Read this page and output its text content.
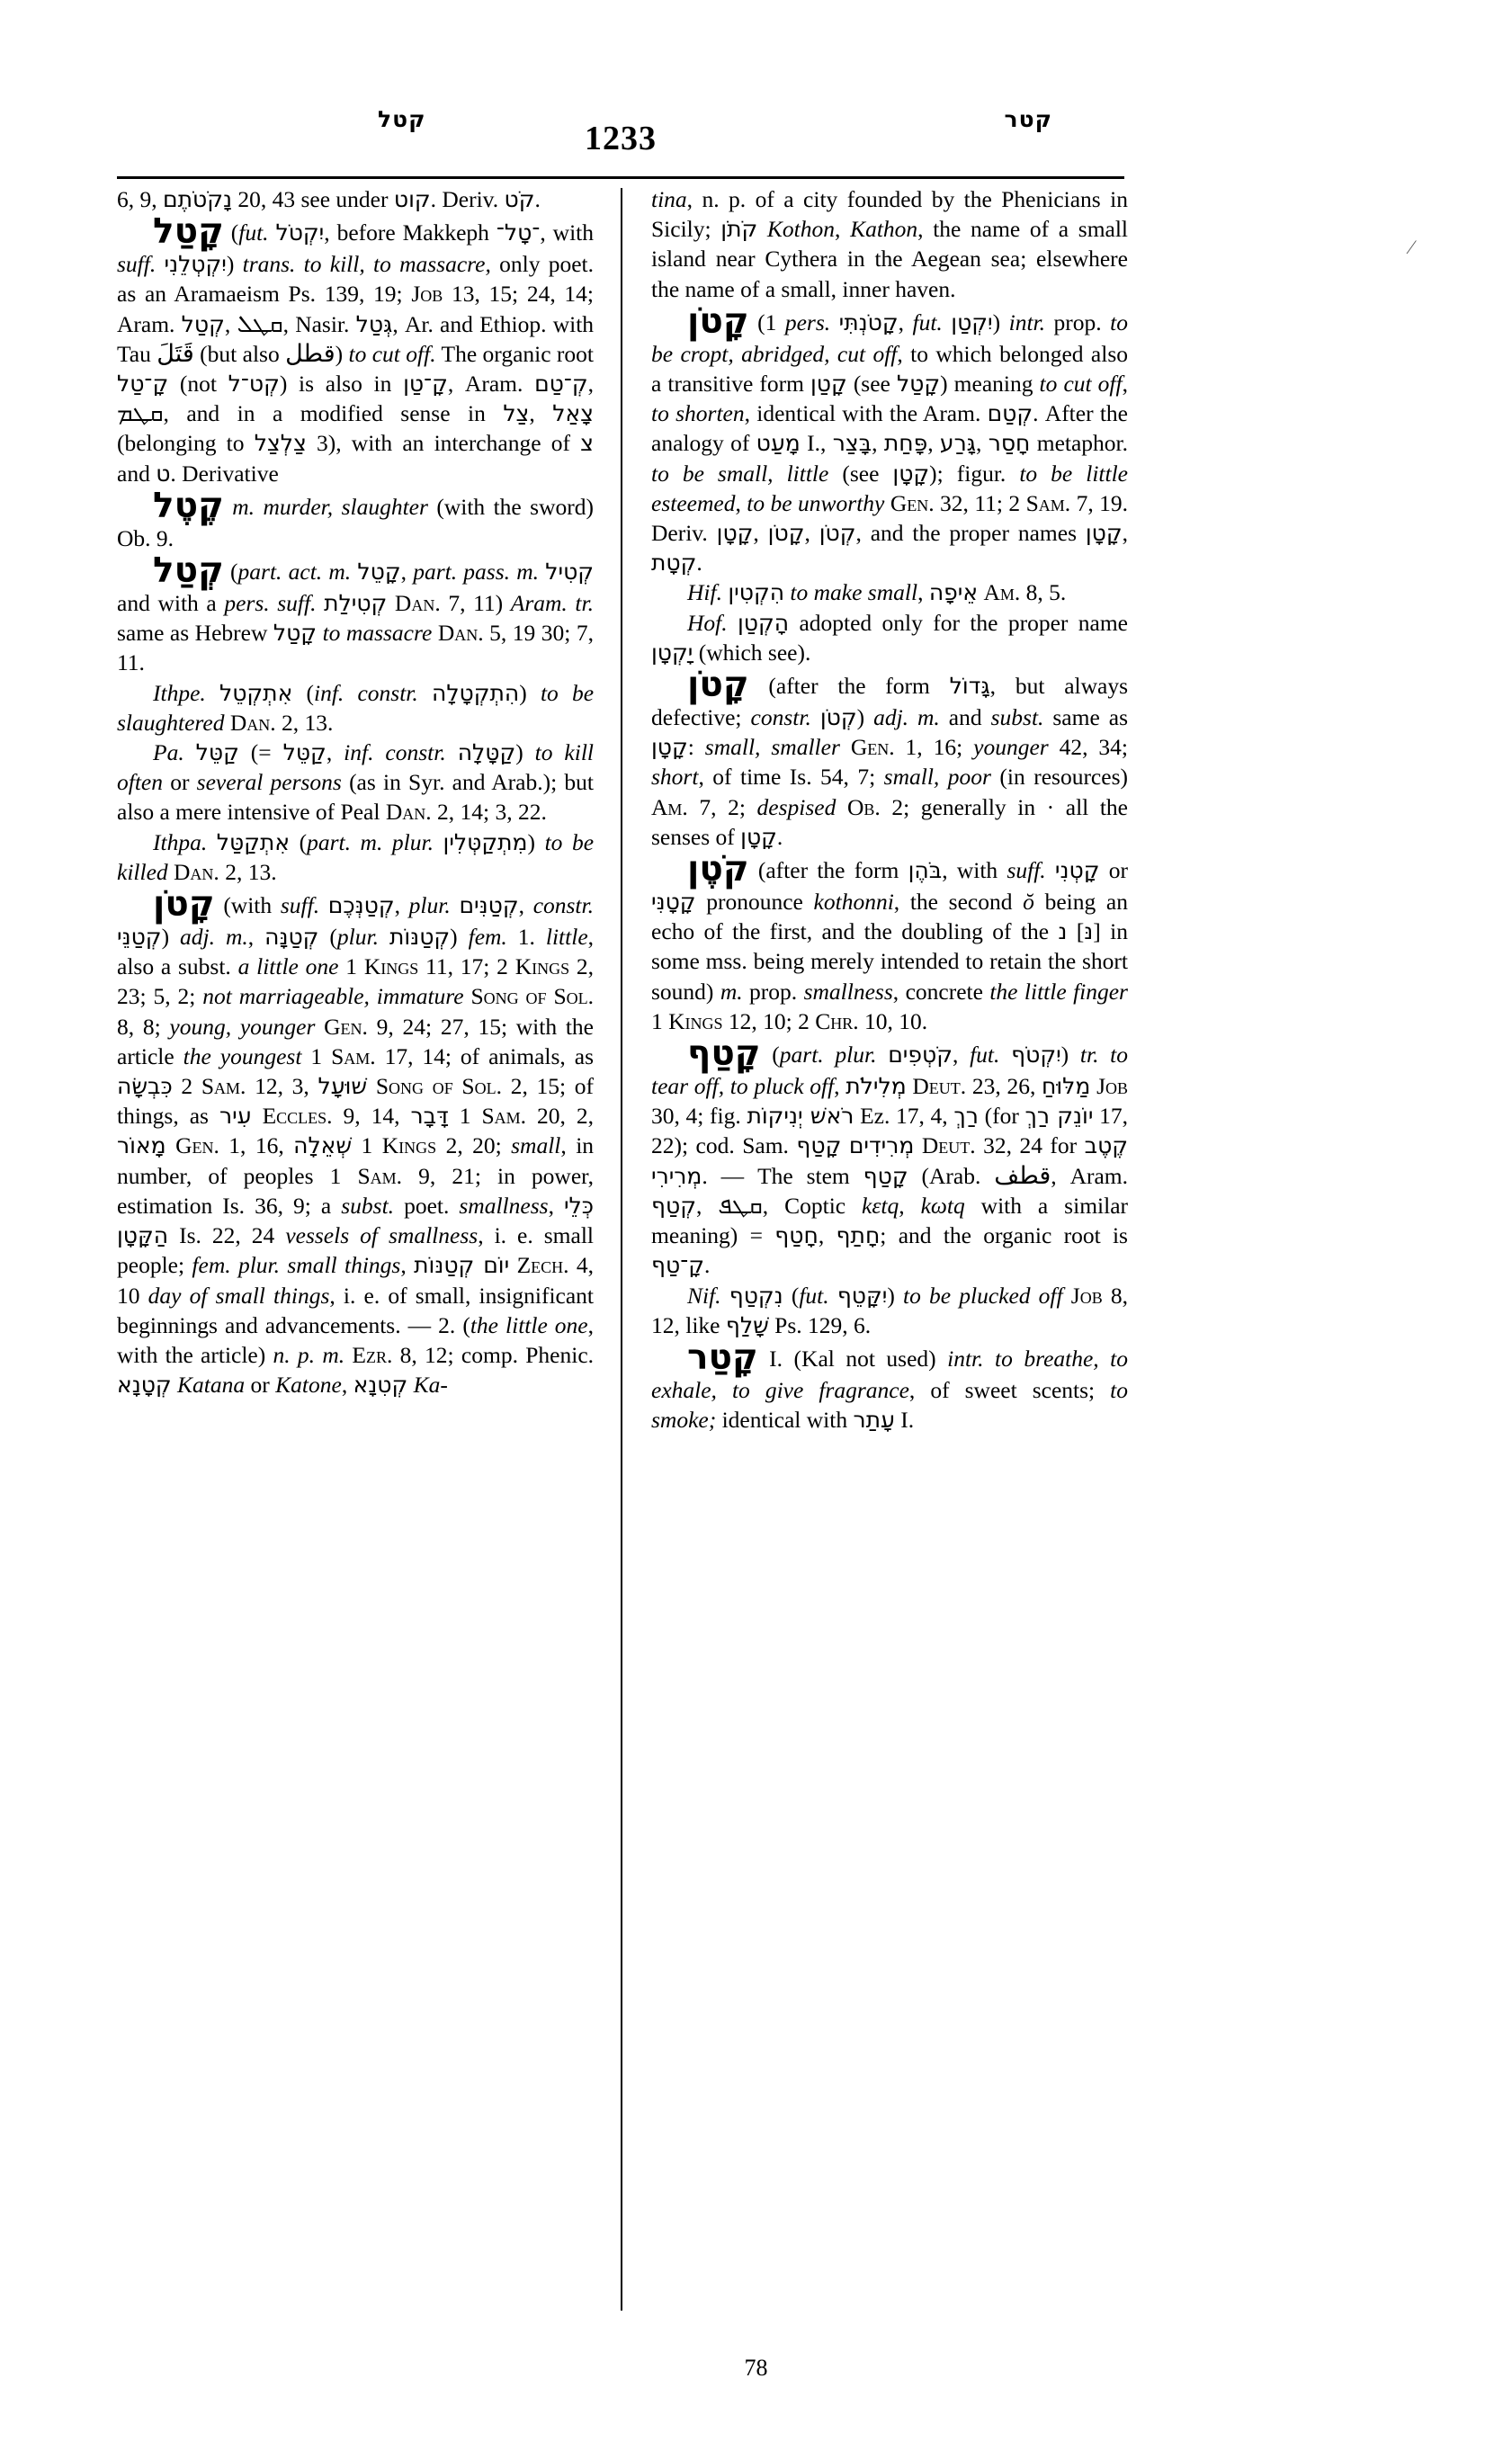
קטל
1233
קטר
⁄

6, 9, נָקֹטֹתֶם 20, 43 see under קוט. Deriv. קֹט.

קָטַל (fut. יִקְטֹל, before Makkeph ־טָל־, with suff. יִקְטְלֵנִי) trans. to kill, to massacre, only poet. as an Aramaeism Ps. 139, 19; Job 13, 15; 24, 14; Aram. קְטַל, ܩܛܠ, Nasir. גְּטַל, Ar. and Ethiop. with Tau قَتَلَ (but also قطل) to cut off. The organic root קָ־טַל (not קְט־ל) is also in קָ־טַן, Aram. קְ־טַם, ܩܛܡ, and in a modified sense in צַל, צָאַל (belonging to צַלְצַל 3), with an interchange of צ and ט. Derivative

קֶטֶל m. murder, slaughter (with the sword) Ob. 9.

קְטַל (part. act. m. קָטֵל, part. pass. m. קְטִיל and with a pers. suff. קְטִילַת Dan. 7, 11) Aram. tr. same as Hebrew קָטַל to massacre Dan. 5, 19 30; 7, 11.

Ithpe. אִתְקְטֵל (inf. constr. הִתְקְטָלָה) to be slaughtered Dan. 2, 13.

Pa. קַטֵּל (= קַטֵּל, inf. constr. קַטָּלָה) to kill often or several persons (as in Syr. and Arab.); but also a mere intensive of Peal Dan. 2, 14; 3, 22.

Ithpa. אִתְקַטַּל (part. m. plur. מִתְקַטְּלִין) to be killed Dan. 2, 13.

קָטֹן (with suff. קְטַנְּכֶם, plur. קְטַנִּים, constr. קְטַנֵּי) adj. m., קְטַנָּה (plur. קְטַנּוֹת) fem. 1. little, also a subst. a little one 1 Kings 11, 17; 2 Kings 2, 23; 5, 2; not marriageable, immature Song of Sol. 8, 8; young, younger Gen. 9, 24; 27, 15; with the article the youngest 1 Sam. 17, 14; of animals, as כִּבְשָׂה 2 Sam. 12, 3, שׁוּעָל Song of Sol. 2, 15; of things, as עִיר Eccles. 9, 14, דָּבָר 1 Sam. 20, 2, מָאוֹר Gen. 1, 16, שְׁאֵלָה 1 Kings 2, 20; small, in number, of peoples 1 Sam. 9, 21; in power, estimation Is. 36, 9; a subst. poet. smallness, כְּלֵי הַקָּטָן Is. 22, 24 vessels of smallness, i. e. small people; fem. plur. small things, יוֹם קְטַנּוֹת Zech. 4, 10 day of small things, i. e. of small, insignificant beginnings and advancements. — 2. (the little one, with the article) n. p. m. Ezr. 8, 12; comp. Phenic. קְטָנָא Katana or Katone, קְטִנָא Ka-

tina, n. p. of a city founded by the Phenicians in Sicily; קֹתֹן Kothon, Kathon, the name of a small island near Cythera in the Aegean sea; elsewhere the name of a small, inner haven.

קָטֹן (1 pers. קָטֹנְתִּי, fut. יִקְטַן) intr. prop. to be cropt, abridged, cut off, to which belonged also a transitive form קָטַן (see קָטַל) meaning to cut off, to shorten, identical with the Aram. קְטַם. After the analogy of מָעַט I., בָּצַר, פָּחַת, גָּרַע, חָסַר metaphor. to be small, little (see קָטָן); figur. to be little esteemed, to be unworthy Gen. 32, 11; 2 Sam. 7, 19. Deriv. קָטָן, קָטֹן, קְטֹן, and the proper names קָטָן, קְטָת.

Hif. הִקְטִין to make small, אֵיפָה Am. 8, 5.

Hof. הָקְטַן adopted only for the proper name יָקְטָן (which see).

קָטֹן (after the form גָּדוֹל, but always defective; constr. קְטֹן) adj. m. and subst. same as קָטָן: small, smaller Gen. 1, 16; younger 42, 34; short, of time Is. 54, 7; small, poor (in resources) Am. 7, 2; despised Ob. 2; generally in · all the senses of קָטָן.

קֹטֶן (after the form בֹּהֶן, with suff. קָטְנִי or קָטָנִּי pronounce kothonni, the second ŏ being an echo of the first, and the doubling of the נ [נּ] in some mss. being merely intended to retain the short sound) m. prop. smallness, concrete the little finger 1 Kings 12, 10; 2 Chr. 10, 10.

קָטַף (part. plur. קֹטְפִים, fut. יִקְטֹף) tr. to tear off, to pluck off, מְלִילֹת Deut. 23, 26, מַלּוּחַ Job 30, 4; fig. רֹאשׁ יְנִיקוֹת Ez. 17, 4, רַךְ (for יוֹנֵק רַךְ 17, 22); cod. Sam. קָטַף מְרִידִים Deut. 32, 24 for קֶטֶב מְרִירִי. — The stem קָטַף (Arab. قطف, Aram. קְטַף, ܩܛܦ, Coptic kεtq, kωtq with a similar meaning) = חָטַף, חָתַף; and the organic root is קָ־טַף.

Nif. נִקְטַף (fut. יִקָּטֵף) to be plucked off Job 8, 12, like שָׁלַף Ps. 129, 6.

קָטַר I. (Kal not used) intr. to breathe, to exhale, to give fragrance, of sweet scents; to smoke; identical with עָתַר I.

78
